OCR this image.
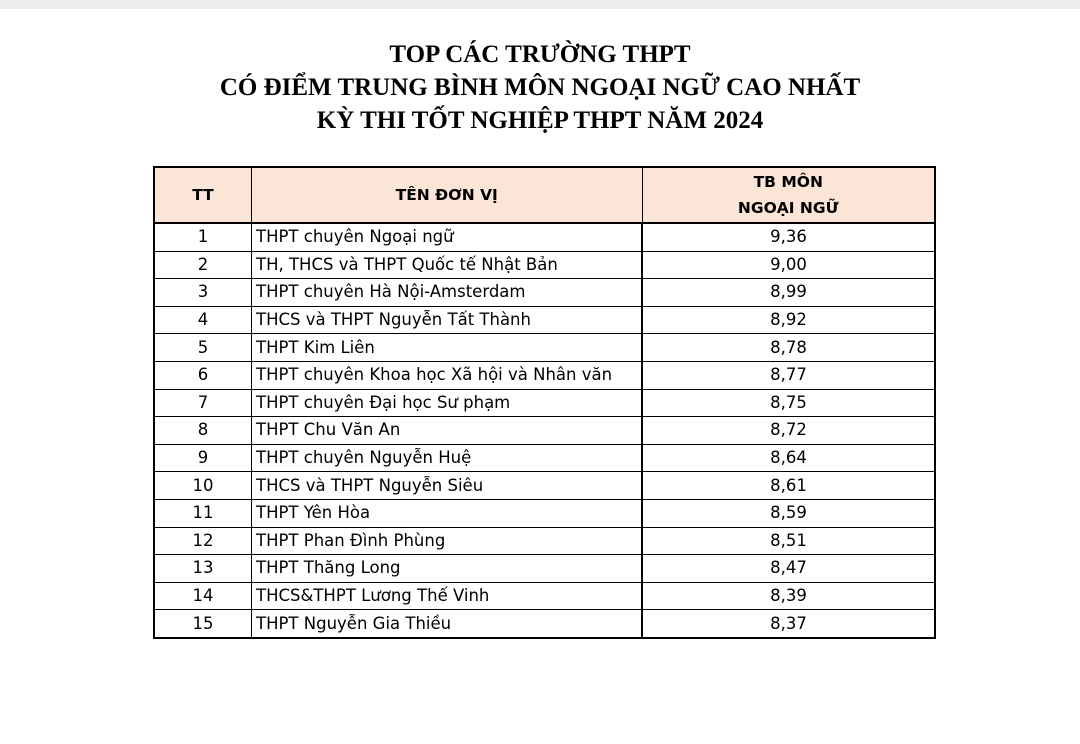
TOP CÁC TRƯỜNG THPT
CÓ ĐIỂM TRUNG BÌNH MÔN NGOẠI NGỮ CAO NHẤT
KỲ THI TỐT NGHIỆP THPT NĂM 2024
TT	TÊN ĐƠN VỊ	TB MÔN
NGOẠI NGỮ

1	THPT chuyên Ngoại ngữ	9,36
2	TH, THCS và THPT Quốc tế Nhật Bản	9,00
3	THPT chuyên Hà Nội-Amsterdam	8,99
4	THCS và THPT Nguyễn Tất Thành	8,92
5	THPT Kim Liên	8,78
6	THPT chuyên Khoa học Xã hội và Nhân văn	8,77
7	THPT chuyên Đại học Sư phạm	8,75
8	THPT Chu Văn An	8,72
9	THPT chuyên Nguyễn Huệ	8,64
10	THCS và THPT Nguyễn Siêu	8,61
11	THPT Yên Hòa	8,59
12	THPT Phan Đình Phùng	8,51
13	THPT Thăng Long	8,47
14	THCS&THPT Lương Thế Vinh	8,39
15	THPT Nguyễn Gia Thiều	8,37
